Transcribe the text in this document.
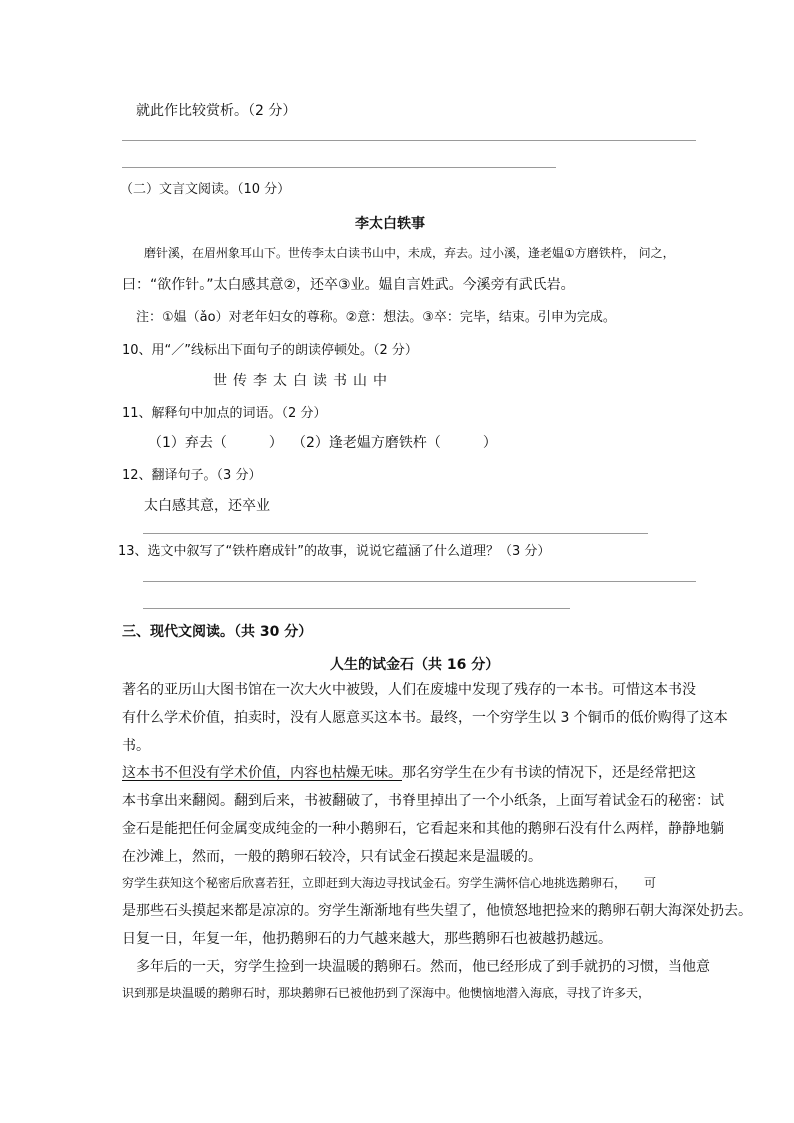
就此作比较赏析。（2 分）
（二）文言文阅读。（10 分）
李太白轶事
磨针溪，在眉州象耳山下。世传李太白读书山中，未成，弃去。过小溪，逢老媪①方磨铁杵， 问之，
曰：“欲作针。”太白感其意②，还卒③业。媪自言姓武。今溪旁有武氏岩。
注：①媪（ǎo）对老年妇女的尊称。②意：想法。③卒：完毕，结束。引申为完成。
10、用“／”线标出下面句子的朗读停顿处。（2 分）
世传李太白读书山中
11、解释句中加点的词语。（2 分）
（1）弃去（　　　） （2）逢老媪方磨铁杵（　　　）
12、翻译句子。（3 分）
太白感其意，还卒业
13、选文中叙写了“铁杵磨成针”的故事，说说它蕴涵了什么道理？（3 分）
三、现代文阅读。（共 30 分）
人生的试金石（共 16 分）
著名的亚历山大图书馆在一次大火中被毁，人们在废墟中发现了残存的一本书。可惜这本书没
有什么学术价值，拍卖时，没有人愿意买这本书。最终，一个穷学生以 3 个铜币的低价购得了这本
书。
这本书不但没有学术价值，内容也枯燥无味。那名穷学生在少有书读的情况下，还是经常把这
本书拿出来翻阅。翻到后来，书被翻破了，书脊里掉出了一个小纸条，上面写着试金石的秘密：试
金石是能把任何金属变成纯金的一种小鹅卵石，它看起来和其他的鹅卵石没有什么两样，静静地躺
在沙滩上，然而，一般的鹅卵石较冷，只有试金石摸起来是温暖的。
穷学生获知这个秘密后欣喜若狂，立即赶到大海边寻找试金石。穷学生满怀信心地挑选鹅卵石，　　可
是那些石头摸起来都是凉凉的。穷学生渐渐地有些失望了，他愤怒地把捡来的鹅卵石朝大海深处扔去。
日复一日，年复一年，他扔鹅卵石的力气越来越大，那些鹅卵石也被越扔越远。
多年后的一天，穷学生捡到一块温暖的鹅卵石。然而，他已经形成了到手就扔的习惯，当他意
识到那是块温暖的鹅卵石时，那块鹅卵石已被他扔到了深海中。他懊恼地潜入海底，寻找了许多天，
